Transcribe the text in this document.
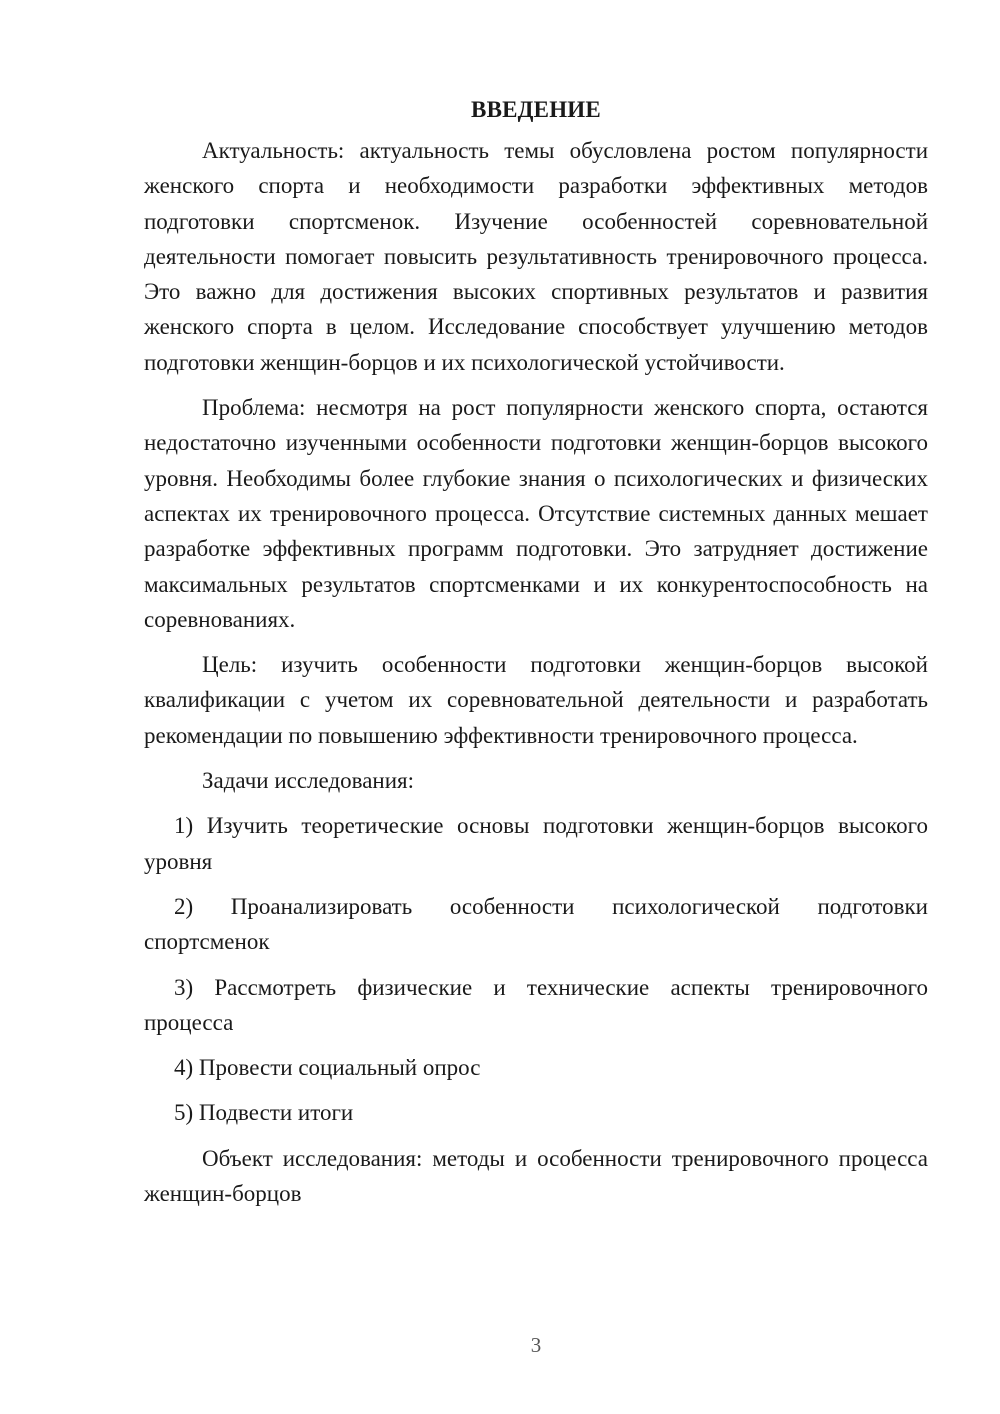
ВВЕДЕНИЕ

Актуальность: актуальность темы обусловлена ростом популярности женского спорта и необходимости разработки эффективных методов подготовки спортсменок. Изучение особенностей соревновательной деятельности помогает повысить результативность тренировочного процесса. Это важно для достижения высоких спортивных результатов и развития женского спорта в целом. Исследование способствует улучшению методов подготовки женщин-борцов и их психологической устойчивости.

Проблема: несмотря на рост популярности женского спорта, остаются недостаточно изученными особенности подготовки женщин-борцов высокого уровня. Необходимы более глубокие знания о психологических и физических аспектах их тренировочного процесса. Отсутствие системных данных мешает разработке эффективных программ подготовки. Это затрудняет достижение максимальных результатов спортсменками и их конкурентоспособность на соревнованиях.

Цель: изучить особенности подготовки женщин-борцов высокой квалификации с учетом их соревновательной деятельности и разработать рекомендации по повышению эффективности тренировочного процесса.

Задачи исследования:

1) Изучить теоретические основы подготовки женщин-борцов высокого уровня

2) Проанализировать особенности психологической подготовки спортсменок

3) Рассмотреть физические и технические аспекты тренировочного процесса

4) Провести социальный опрос

5) Подвести итоги

Объект исследования: методы и особенности тренировочного процесса женщин-борцов

3
